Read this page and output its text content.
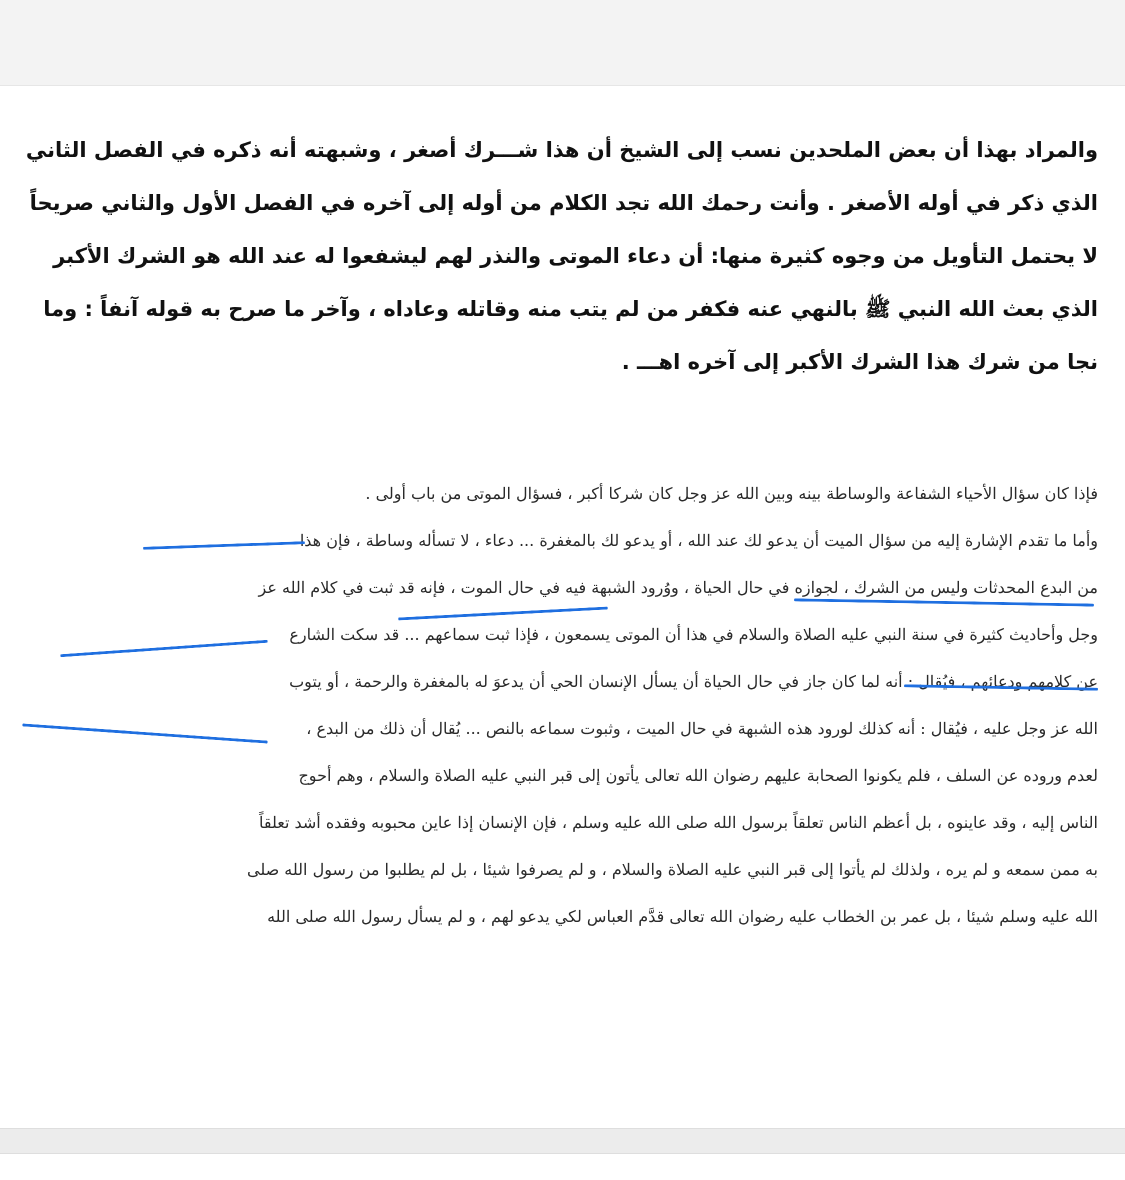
والمراد بهذا أن بعض الملحدين نسب إلى الشيخ أن هذا شـــرك أصغر ، وشبهته أنه ذكره في الفصل الثاني
الذي ذكر في أوله الأصغر . وأنت رحمك الله تجد الكلام من أوله إلى آخره في الفصل الأول والثاني صريحاً
لا يحتمل التأويل من وجوه كثيرة منها: أن دعاء الموتى والنذر لهم ليشفعوا له عند الله هو الشرك الأكبر
الذي بعث الله النبي ﷺ بالنهي عنه فكفر من لم يتب منه وقاتله وعاداه ، وآخر ما صرح به قوله آنفاً : وما
نجا من شرك هذا الشرك الأكبر إلى آخره اهـــ .
فإذا كان سؤال الأحياء الشفاعة والوساطة بينه وبين الله عز وجل كان شركا أكبر ، فسؤال الموتى من باب أولى .
وأما ما تقدم الإشارة إليه من سؤال الميت أن يدعو لك عند الله ، أو يدعو لك بالمغفرة ... دعاء ، لا تسأله وساطة ، فإن هذا
من البدع المحدثات وليس من الشرك ، لجوازه في حال الحياة ، ووُرود الشبهة فيه في حال الموت ، فإنه قد ثبت في كلام الله عز
وجل وأحاديث كثيرة في سنة النبي عليه الصلاة والسلام في هذا أن الموتى يسمعون ، فإذا ثبت سماعهم ... قد سكت الشارع
عن كلامهم ودعائهم ، فيُقال : أنه لما كان جاز في حال الحياة أن يسأل الإنسان الحي أن يدعوَ له بالمغفرة والرحمة ، أو يتوب
الله عز وجل عليه ، فيُقال : أنه كذلك لورود هذه الشبهة في حال الميت ، وثبوت سماعه بالنص ... يُقال أن ذلك من البدع ،
لعدم وروده عن السلف ، فلم يكونوا الصحابة عليهم رضوان الله تعالى يأتون إلى قبر النبي عليه الصلاة والسلام ، وهم أحوج
الناس إليه ، وقد عاينوه ، بل أعظم الناس تعلقاً برسول الله صلى الله عليه وسلم ، فإن الإنسان إذا عاين محبوبه وفقده أشد تعلقاً
به ممن سمعه و لم يره ، ولذلك لم يأتوا إلى قبر النبي عليه الصلاة والسلام ، و لم يصرفوا شيئا ، بل لم يطلبوا من رسول الله صلى
الله عليه وسلم شيئا ، بل عمر بن الخطاب عليه رضوان الله تعالى قدَّم العباس لكي يدعو لهم ، و لم يسأل رسول الله صلى الله
